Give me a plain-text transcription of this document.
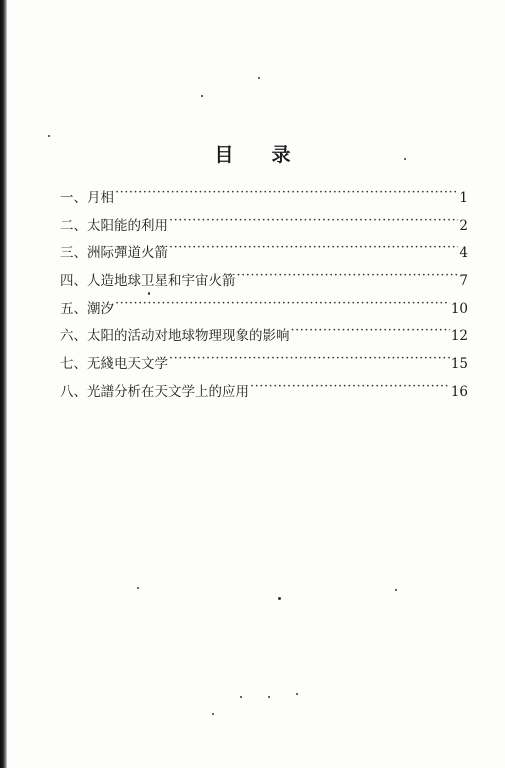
目 录
一、月相 ·····	1
二、太阳能的利用 ·····	2
三、洲际彈道火箭 ·····	4
四、人造地球卫星和宇宙火箭 ·····	7
五、潮汐 ·····	10
六、太阳的活动对地球物理现象的影响 ·····	12
七、无綫电天文学 ·····	15
八、光譜分析在天文学上的应用 ·····	16
